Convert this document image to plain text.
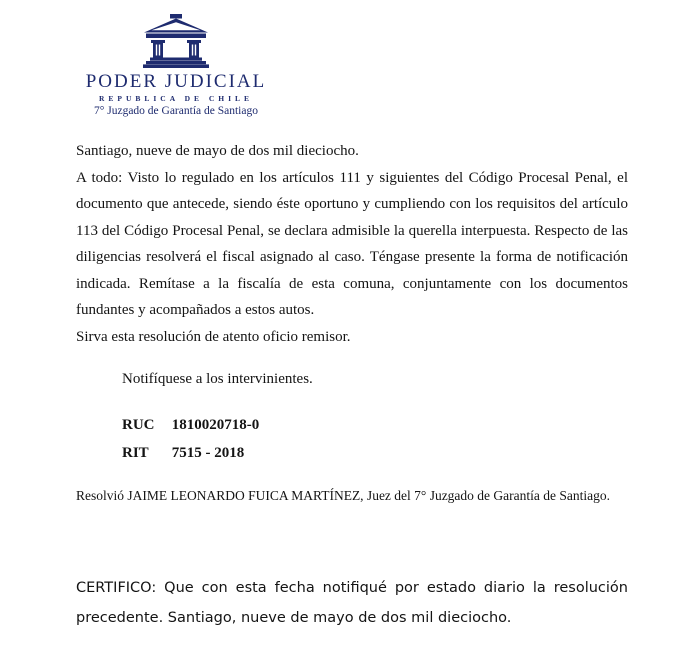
PODER JUDICIAL
REPUBLICA DE CHILE
7° Juzgado de Garantía de Santiago

Santiago, nueve de mayo de dos mil dieciocho.

A todo: Visto lo regulado en los artículos 111 y siguientes del Código Procesal Penal, el documento que antecede, siendo éste oportuno y cumpliendo con los requisitos del artículo 113 del Código Procesal Penal, se declara admisible la querella interpuesta. Respecto de las diligencias resolverá el fiscal asignado al caso. Téngase presente la forma de notificación indicada. Remítase a la fiscalía de esta comuna, conjuntamente con los documentos fundantes y acompañados a estos autos.

Sirva esta resolución de atento oficio remisor.

Notifíquese a los intervinientes.

RUC 1810020718-0
RIT 7515 - 2018

Resolvió JAIME LEONARDO FUICA MARTÍNEZ, Juez del 7° Juzgado de Garantía de Santiago.

CERTIFICO: Que con esta fecha notifiqué por estado diario la resolución precedente. Santiago, nueve de mayo de dos mil dieciocho.
